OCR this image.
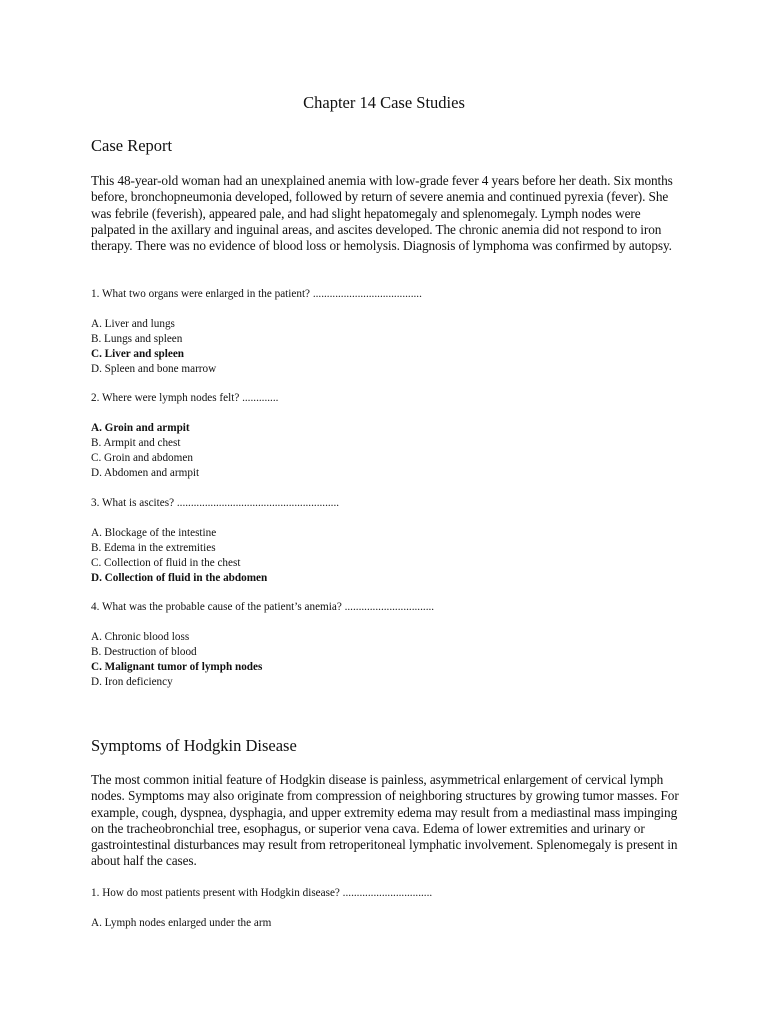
Chapter 14 Case Studies
Case Report

This 48-year-old woman had an unexplained anemia with low-grade fever 4 years before her death. Six months before, bronchopneumonia developed, followed by return of severe anemia and continued pyrexia (fever). She was febrile (feverish), appeared pale, and had slight hepatomegaly and splenomegaly. Lymph nodes were palpated in the axillary and inguinal areas, and ascites developed. The chronic anemia did not respond to iron therapy. There was no evidence of blood loss or hemolysis. Diagnosis of lymphoma was confirmed by autopsy.

1. What two organs were enlarged in the patient? .......................................

A. Liver and lungs
B. Lungs and spleen
C. Liver and spleen
D. Spleen and bone marrow

2. Where were lymph nodes felt? .............

A. Groin and armpit
B. Armpit and chest
C. Groin and abdomen
D. Abdomen and armpit

3. What is ascites? ..........................................................

A. Blockage of the intestine
B. Edema in the extremities
C. Collection of fluid in the chest
D. Collection of fluid in the abdomen

4. What was the probable cause of the patient’s anemia? ................................

A. Chronic blood loss
B. Destruction of blood
C. Malignant tumor of lymph nodes
D. Iron deficiency
Symptoms of Hodgkin Disease

The most common initial feature of Hodgkin disease is painless, asymmetrical enlargement of cervical lymph nodes. Symptoms may also originate from compression of neighboring structures by growing tumor masses. For example, cough, dyspnea, dysphagia, and upper extremity edema may result from a mediastinal mass impinging on the tracheobronchial tree, esophagus, or superior vena cava. Edema of lower extremities and urinary or gastrointestinal disturbances may result from retroperitoneal lymphatic involvement. Splenomegaly is present in about half the cases.

1. How do most patients present with Hodgkin disease? ................................

A. Lymph nodes enlarged under the arm
